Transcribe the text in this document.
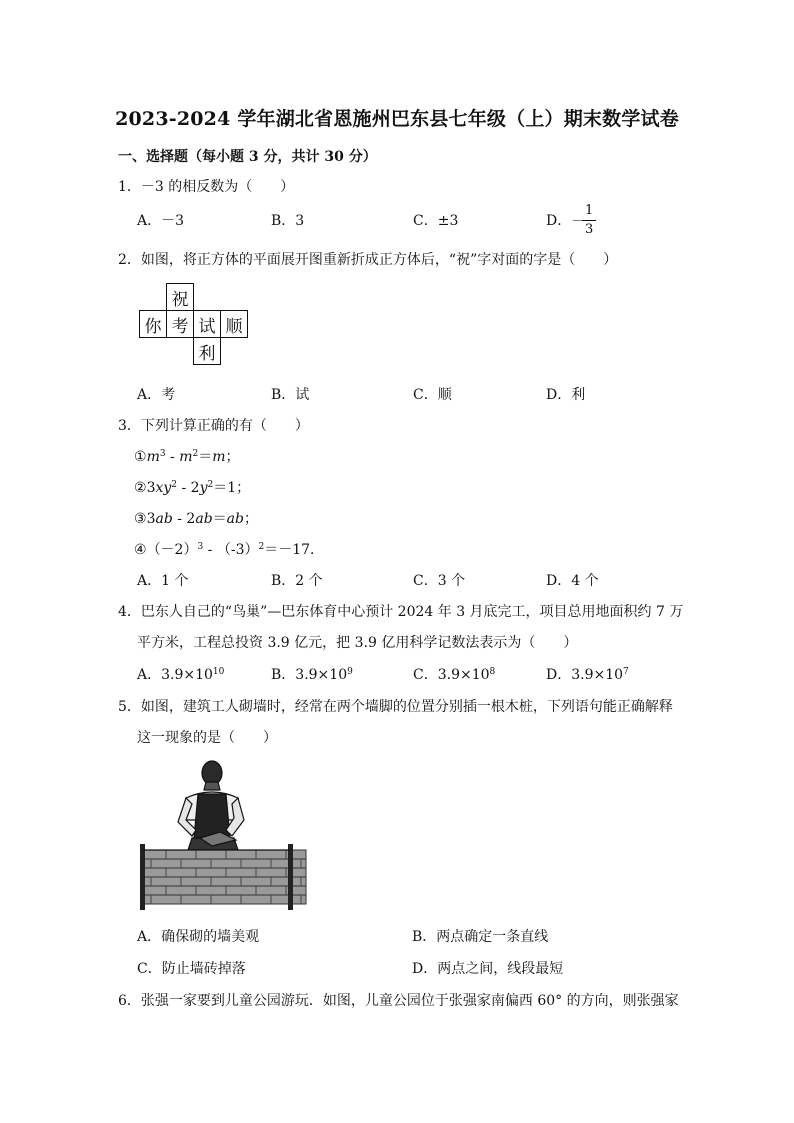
2023-2024 学年湖北省恩施州巴东县七年级（上）期末数学试卷
一、选择题（每小题 3 分，共计 30 分）
1．－3 的相反数为（　　）
A．－3	B．3	C．±3	D．－
1
3
2．如图，将正方体的平面展开图重新折成正方体后，“祝”字对面的字是（　　）
	祝		
你	考	试	顺
		利	
A．考	B．试	C．顺	D．利
3．下列计算正确的有（　　）
$①m^3 - m^2=m$；
$②3xy^2 - 2y^2=1$；
③3ab - 2ab＝ab；
$④(-2)^3 - (-3)^2=-17$．
A．1 个	B．2 个	C．3 个	D．4 个
4．巴东人自己的“鸟巢”—巴东体育中心预计 2024 年 3 月底完工，项目总用地面积约 7 万
平方米，工程总投资 3.9 亿元，把 3.9 亿用科学记数法表示为（　　）
A．$3.9\times 10^{10}$	B．$3.9\times 10^9$	C．$3.9\times 10^8$	D．$3.9\times 10^7$
5．如图，建筑工人砌墙时，经常在两个墙脚的位置分别插一根木桩，下列语句能正确解释
这一现象的是（　　）
A．确保砌的墙美观	B．两点确定一条直线
C．防止墙砖掉落	D．两点之间，线段最短
6．张强一家要到儿童公园游玩．如图，儿童公园位于张强家南偏西 60° 的方向，则张强家
